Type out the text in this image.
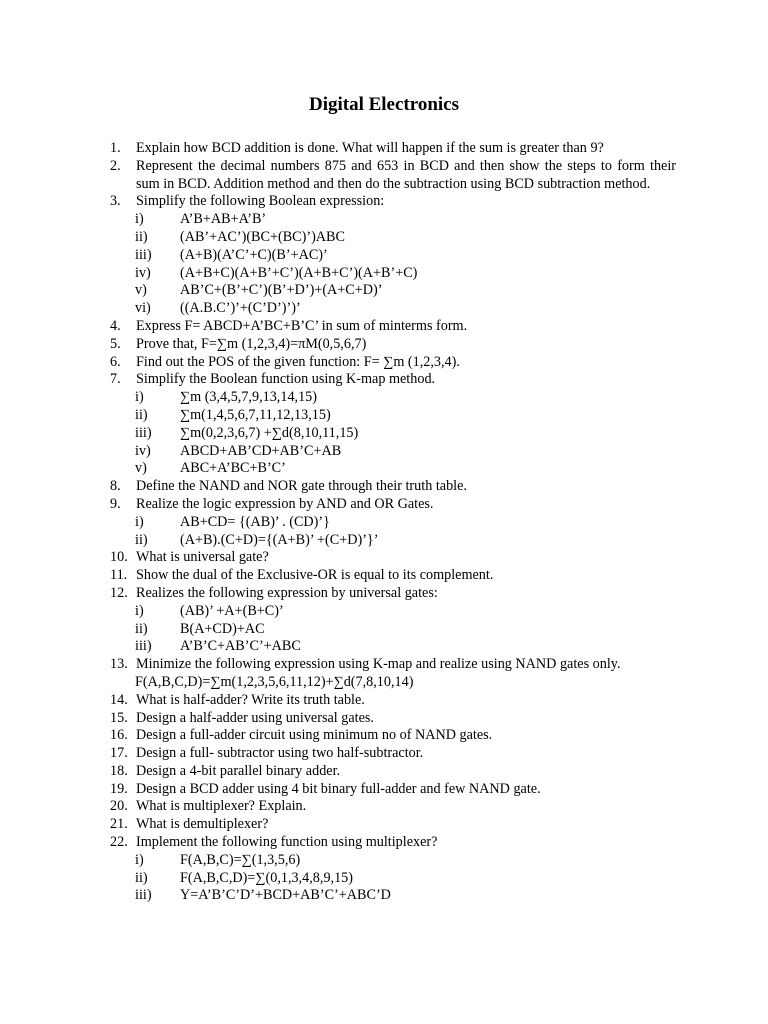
Digital Electronics
1.	Explain how BCD addition is done. What will happen if the sum is greater than 9?
2.	Represent the decimal numbers 875 and 653 in BCD and then show the steps to form their sum in BCD. Addition method and then do the subtraction using BCD subtraction method.
3.	Simplify the following Boolean expression:
i)	A’B+AB+A’B’
ii)	(AB’+AC’)(BC+(BC)’)ABC
iii)	(A+B)(A’C’+C)(B’+AC)’
iv)	(A+B+C)(A+B’+C’)(A+B+C’)(A+B’+C)
v)	AB’C+(B’+C’)(B’+D’)+(A+C+D)’
vi)	((A.B.C’)’+(C’D’)’)’
4.	Express F= ABCD+A’BC+B’C’ in sum of minterms form.
5.	Prove that, F=∑m (1,2,3,4)=πM(0,5,6,7)
6.	Find out the POS of the given function: F= ∑m (1,2,3,4).
7.	Simplify the Boolean function using K-map method.
i)	∑m (3,4,5,7,9,13,14,15)
ii)	∑m(1,4,5,6,7,11,12,13,15)
iii)	∑m(0,2,3,6,7) +∑d(8,10,11,15)
iv)	ABCD+AB’CD+AB’C+AB
v)	ABC+A’BC+B’C’
8.	Define the NAND and NOR gate through their truth table.
9.	Realize the logic expression by AND and OR Gates.
i)	AB+CD= {(AB)’ . (CD)’}
ii)	(A+B).(C+D)={(A+B)’ +(C+D)’}’
10. What is universal gate?
11. Show the dual of the Exclusive-OR is equal to its complement.
12. Realizes the following expression by universal gates:
i)	(AB)’ +A+(B+C)’
ii)	B(A+CD)+AC
iii)	A’B’C+AB’C’+ABC
13. Minimize the following expression using K-map and realize using NAND gates only.
F(A,B,C,D)=∑m(1,2,3,5,6,11,12)+∑d(7,8,10,14)
14. What is half-adder? Write its truth table.
15. Design a half-adder using universal gates.
16. Design a full-adder circuit using minimum no of NAND gates.
17. Design a full- subtractor using two half-subtractor.
18. Design a 4-bit parallel binary adder.
19. Design a BCD adder using 4 bit binary full-adder and few NAND gate.
20. What is multiplexer? Explain.
21. What is demultiplexer?
22. Implement the following function using multiplexer?
i)	F(A,B,C)=∑(1,3,5,6)
ii)	F(A,B,C,D)=∑(0,1,3,4,8,9,15)
iii)	Y=A’B’C’D’+BCD+AB’C’+ABC’D
